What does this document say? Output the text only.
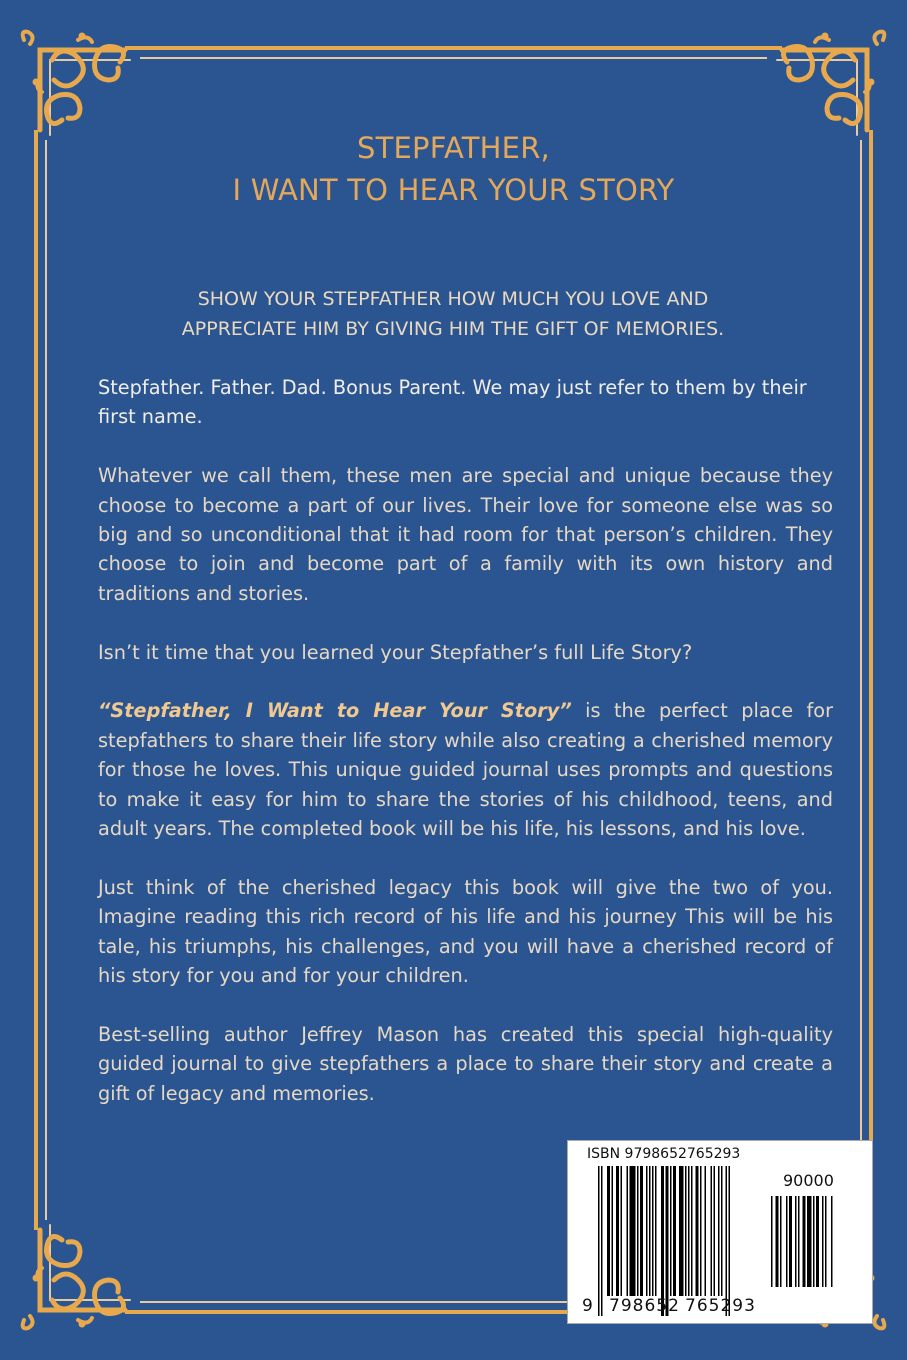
STEPFATHER,
I WANT TO HEAR YOUR STORY
SHOW YOUR STEPFATHER HOW MUCH YOU LOVE AND
APPRECIATE HIM BY GIVING HIM THE GIFT OF MEMORIES.

Stepfather. Father. Dad. Bonus Parent. We may just refer to them by their first name.

Whatever we call them, these men are special and unique because they choose to become a part of our lives. Their love for someone else was so big and so unconditional that it had room for that person’s children. They choose to join and become part of a family with its own history and traditions and stories.

Isn’t it time that you learned your Stepfather’s full Life Story?

“Stepfather, I Want to Hear Your Story” is the perfect place for stepfathers to share their life story while also creating a cherished memory for those he loves. This unique guided journal uses prompts and questions to make it easy for him to share the stories of his childhood, teens, and adult years. The completed book will be his life, his lessons, and his love.

Just think of the cherished legacy this book will give the two of you. Imagine reading this rich record of his life and his journey This will be his tale, his triumphs, his challenges, and you will have a cherished record of his story for you and for your children.

Best-selling author Jeffrey Mason has created this special high-quality guided journal to give stepfathers a place to share their story and create a gift of legacy and memories.

ISBN 9798652765293
90000
9 798652 765293
